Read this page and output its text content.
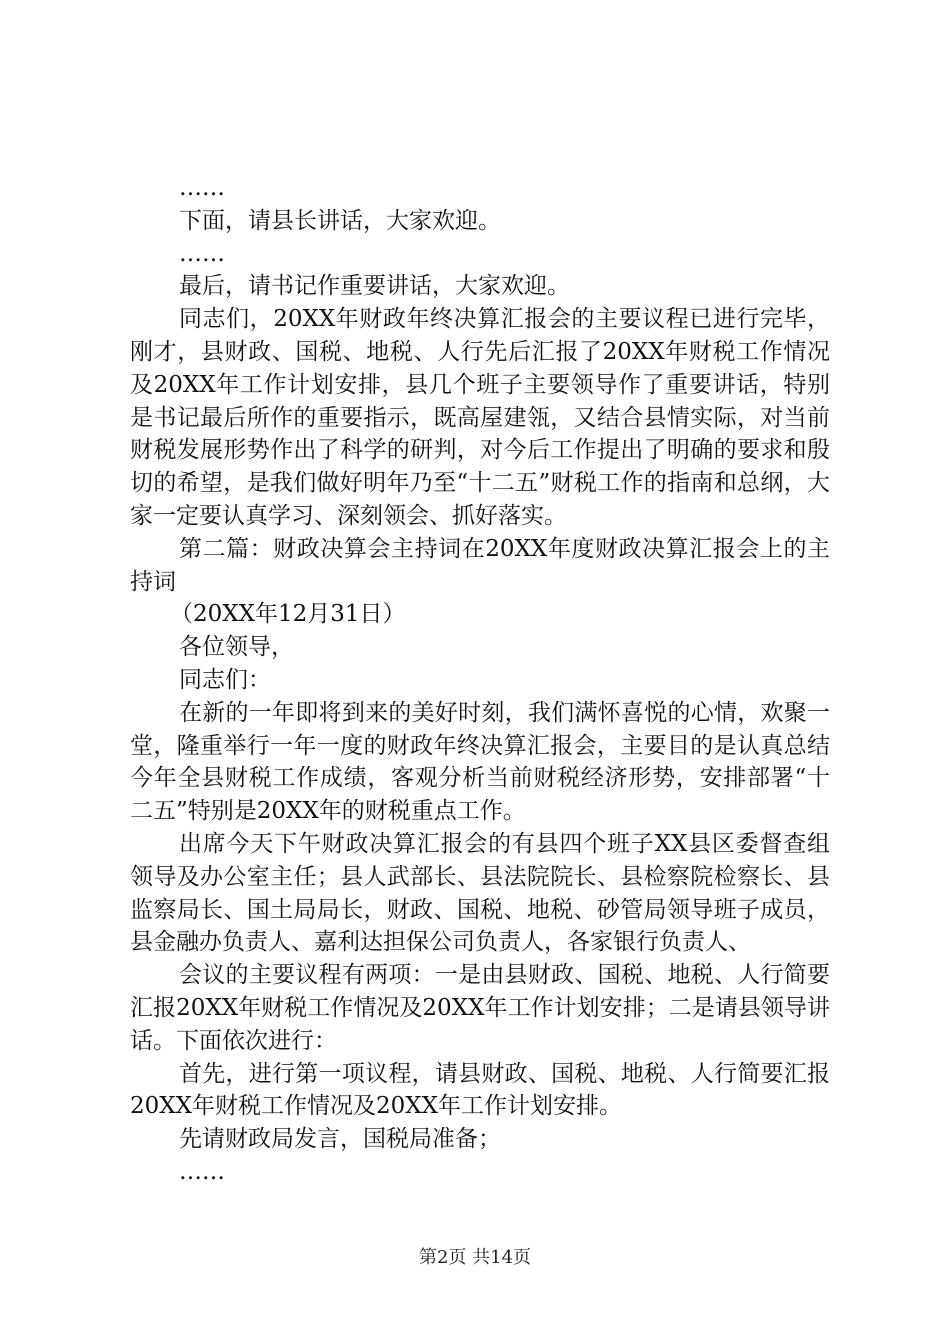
……

下面，请县长讲话，大家欢迎。

……

最后，请书记作重要讲话，大家欢迎。

同志们，20XX年财政年终决算汇报会的主要议程已进行完毕，刚才，县财政、国税、地税、人行先后汇报了20XX年财税工作情况及20XX年工作计划安排，县几个班子主要领导作了重要讲话，特别是书记最后所作的重要指示，既高屋建瓴，又结合县情实际，对当前财税发展形势作出了科学的研判，对今后工作提出了明确的要求和殷切的希望，是我们做好明年乃至“十二五”财税工作的指南和总纲，大家一定要认真学习、深刻领会、抓好落实。

第二篇：财政决算会主持词在20XX年度财政决算汇报会上的主持词

（20XX年12月31日）

各位领导，

同志们：

在新的一年即将到来的美好时刻，我们满怀喜悦的心情，欢聚一堂，隆重举行一年一度的财政年终决算汇报会，主要目的是认真总结今年全县财税工作成绩，客观分析当前财税经济形势，安排部署“十二五”特别是20XX年的财税重点工作。

出席今天下午财政决算汇报会的有县四个班子XX县区委督查组领导及办公室主任；县人武部长、县法院院长、县检察院检察长、县监察局长、国土局局长，财政、国税、地税、砂管局领导班子成员，县金融办负责人、嘉利达担保公司负责人，各家银行负责人、

会议的主要议程有两项：一是由县财政、国税、地税、人行简要汇报20XX年财税工作情况及20XX年工作计划安排；二是请县领导讲话。下面依次进行：

首先，进行第一项议程，请县财政、国税、地税、人行简要汇报20XX年财税工作情况及20XX年工作计划安排。

先请财政局发言，国税局准备；

……

第2页 共14页
